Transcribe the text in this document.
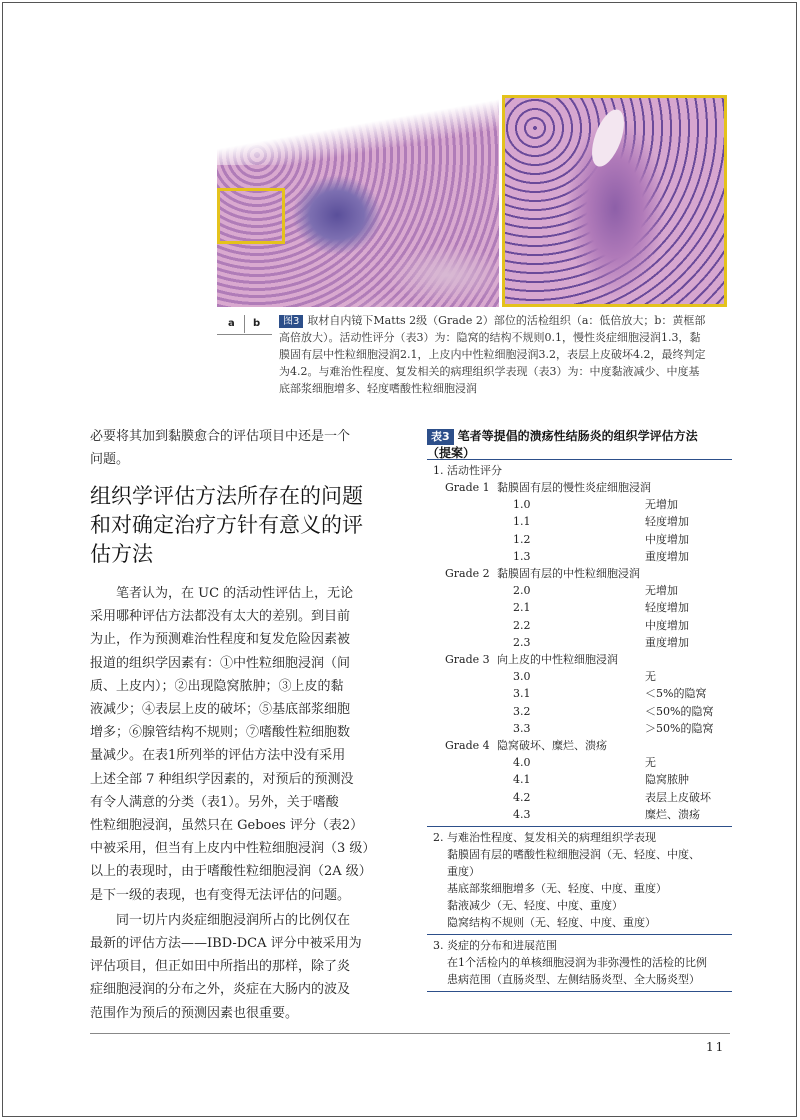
a b	图3 取材自内镜下Matts 2级（Grade 2）部位的活检组织（a：低倍放大；b：黄框部
高倍放大）。活动性评分（表3）为：隐窝的结构不规则0.1，慢性炎症细胞浸润1.3，黏
膜固有层中性粒细胞浸润2.1，上皮内中性粒细胞浸润3.2，表层上皮破坏4.2，最终判定
为4.2。与难治性程度、复发相关的病理组织学表现（表3）为：中度黏液减少、中度基
底部浆细胞增多、轻度嗜酸性粒细胞浸润
必要将其加到黏膜愈合的评估项目中还是一个
问题。
组织学评估方法所存在的问题
和对确定治疗方针有意义的评
估方法

笔者认为，在 UC 的活动性评估上，无论
采用哪种评估方法都没有太大的差别。到目前
为止，作为预测难治性程度和复发危险因素被
报道的组织学因素有：①中性粒细胞浸润（间
质、上皮内）；②出现隐窝脓肿；③上皮的黏
液减少；④表层上皮的破坏；⑤基底部浆细胞
增多；⑥腺管结构不规则；⑦嗜酸性粒细胞数
量减少。在表1所列举的评估方法中没有采用
上述全部 7 种组织学因素的，对预后的预测没
有令人满意的分类（表1）。另外，关于嗜酸
性粒细胞浸润，虽然只在 Geboes 评分（表2）
中被采用，但当有上皮内中性粒细胞浸润（3 级）
以上的表现时，由于嗜酸性粒细胞浸润（2A 级）
是下一级的表现，也有变得无法评估的问题。

同一切片内炎症细胞浸润所占的比例仅在
最新的评估方法——IBD-DCA 评分中被采用为
评估项目，但正如田中所指出的那样，除了炎
症细胞浸润的分布之外，炎症在大肠内的波及
范围作为预后的预测因素也很重要。

表3 笔者等提倡的溃疡性结肠炎的组织学评估方法
（提案）
1. 活动性评分
Grade 1 黏膜固有层的慢性炎症细胞浸润
1.0	无增加
1.1	轻度增加
1.2	中度增加
1.3	重度增加
Grade 2 黏膜固有层的中性粒细胞浸润
2.0	无增加
2.1	轻度增加
2.2	中度增加
2.3	重度增加
Grade 3 向上皮的中性粒细胞浸润
3.0	无
3.1	＜5%的隐窝
3.2	＜50%的隐窝
3.3	＞50%的隐窝
Grade 4 隐窝破坏、糜烂、溃疡
4.0	无
4.1	隐窝脓肿
4.2	表层上皮破坏
4.3	糜烂、溃疡
2. 与难治性程度、复发相关的病理组织学表现
黏膜固有层的嗜酸性粒细胞浸润（无、轻度、中度、
重度）
基底部浆细胞增多（无、轻度、中度、重度）
黏液减少（无、轻度、中度、重度）
隐窝结构不规则（无、轻度、中度、重度）
3. 炎症的分布和进展范围
在1个活检内的单核细胞浸润为非弥漫性的活检的比例
患病范围（直肠炎型、左侧结肠炎型、全大肠炎型）
11
